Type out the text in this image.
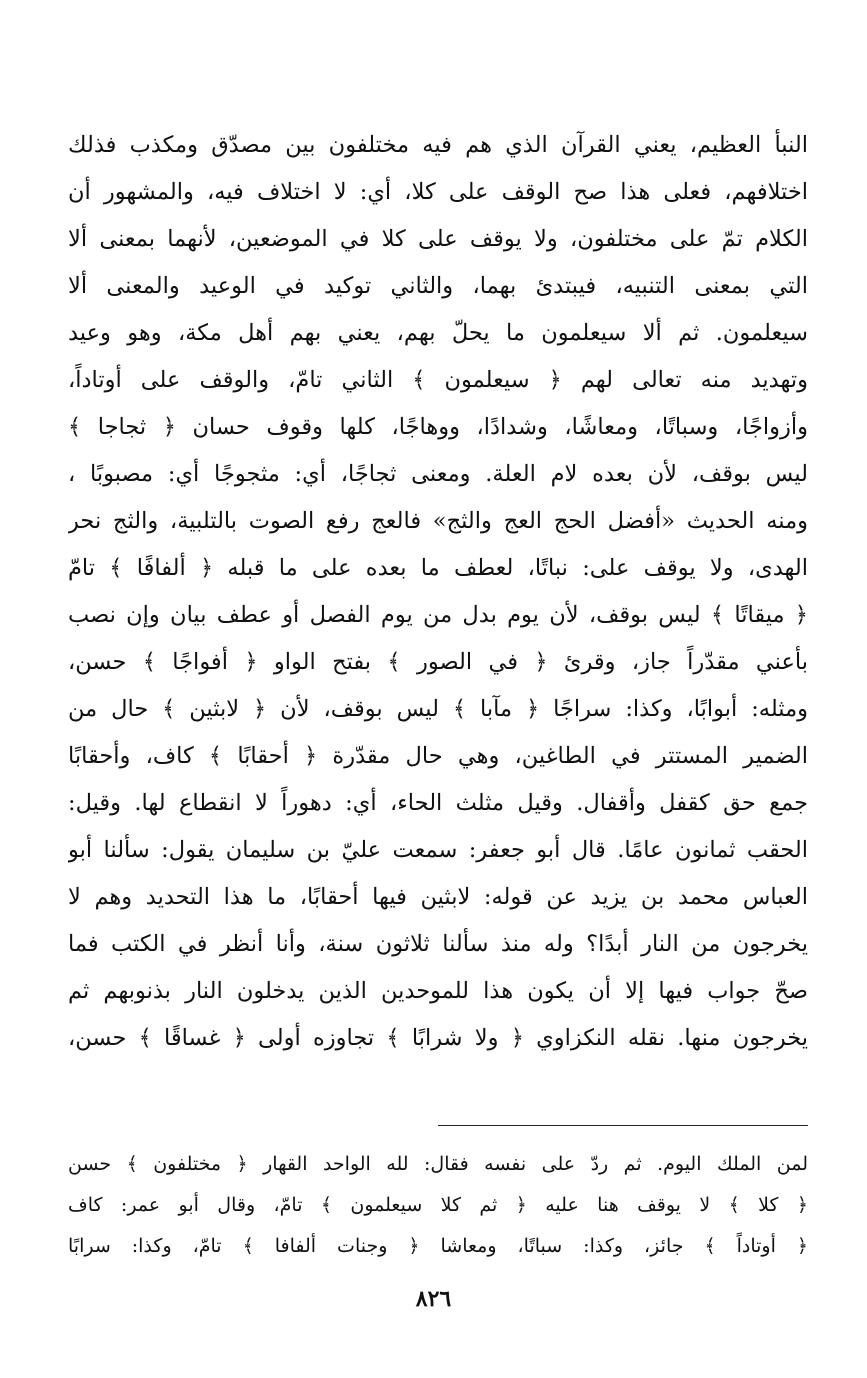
النبأ العظيم، يعني القرآن الذي هم فيه مختلفون بين مصدّق ومكذب فذلك
اختلافهم، فعلى هذا صح الوقف على كلا، أي: لا اختلاف فيه، والمشهور أن
الكلام تمّ على مختلفون، ولا يوقف على كلا في الموضعين، لأنهما بمعنى ألا
التي بمعنى التنبيه، فيبتدئ بهما، والثاني توكيد في الوعيد والمعنى ألا
سيعلمون. ثم ألا سيعلمون ما يحلّ بهم، يعني بهم أهل مكة، وهو وعيد
وتهديد منه تعالى لهم ﴿ سيعلمون ﴾ الثاني تامّ، والوقف على أوتاداً،
وأزواجًا، وسباتًا، ومعاشًا، وشدادًا، ووهاجًا، كلها وقوف حسان ﴿ ثجاجا ﴾
ليس بوقف، لأن بعده لام العلة. ومعنى ثجاجًا، أي: مثجوجًا أي: مصبوبًا ،
ومنه الحديث «أفضل الحج العج والثج» فالعج رفع الصوت بالتلبية، والثج نحر
الهدى، ولا يوقف على: نباتًا، لعطف ما بعده على ما قبله ﴿ ألفافًا ﴾ تامّ
﴿ ميقاتًا ﴾ ليس بوقف، لأن يوم بدل من يوم الفصل أو عطف بيان وإن نصب
بأعني مقدّراً جاز، وقرئ ﴿ في الصور ﴾ بفتح الواو ﴿ أفواجًا ﴾ حسن،
ومثله: أبوابًا، وكذا: سراجًا ﴿ مآبا ﴾ ليس بوقف، لأن ﴿ لابثين ﴾ حال من
الضمير المستتر في الطاغين، وهي حال مقدّرة ﴿ أحقابًا ﴾ كاف، وأحقابًا
جمع حق كقفل وأقفال. وقيل مثلث الحاء، أي: دهوراً لا انقطاع لها. وقيل:
الحقب ثمانون عامًا. قال أبو جعفر: سمعت عليّ بن سليمان يقول: سألنا أبو
العباس محمد بن يزيد عن قوله: لابثين فيها أحقابًا، ما هذا التحديد وهم لا
يخرجون من النار أبدًا؟ وله منذ سألنا ثلاثون سنة، وأنا أنظر في الكتب فما
صحّ جواب فيها إلا أن يكون هذا للموحدين الذين يدخلون النار بذنوبهم ثم
يخرجون منها. نقله النكزاوي ﴿ ولا شرابًا ﴾ تجاوزه أولى ﴿ غساقًا ﴾ حسن،
لمن الملك اليوم. ثم ردّ على نفسه فقال: لله الواحد القهار ﴿ مختلفون ﴾ حسن
﴿ كلا ﴾ لا يوقف هنا عليه ﴿ ثم كلا سيعلمون ﴾ تامّ، وقال أبو عمر: كاف
﴿ أوتاداً ﴾ جائز، وكذا: سباتًا، ومعاشا ﴿ وجنات ألفافا ﴾ تامّ، وكذا: سرابًا
٨٢٦
